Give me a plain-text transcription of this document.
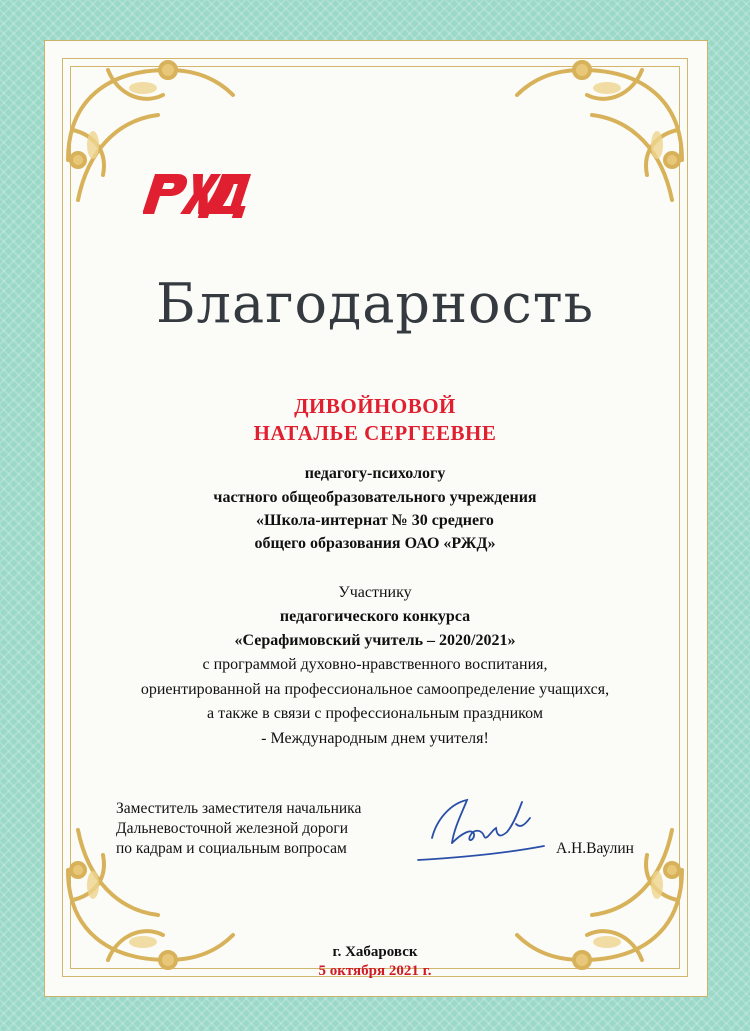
Благодарность
ДИВОЙНОВОЙ
НАТАЛЬЕ СЕРГЕЕВНЕ
педагогу-психологу
частного общеобразовательного учреждения
«Школа-интернат № 30 среднего
общего образования ОАО «РЖД»
Участнику
педагогического конкурса
«Серафимовский учитель – 2020/2021»
с программой духовно-нравственного воспитания,
ориентированной на профессиональное самоопределение учащихся,
а также в связи с профессиональным праздником
- Международным днем учителя!
Заместитель заместителя начальника
Дальневосточной железной дороги
по кадрам и социальным вопросам	А.Н.Ваулин
г. Хабаровск
5 октября 2021 г.
